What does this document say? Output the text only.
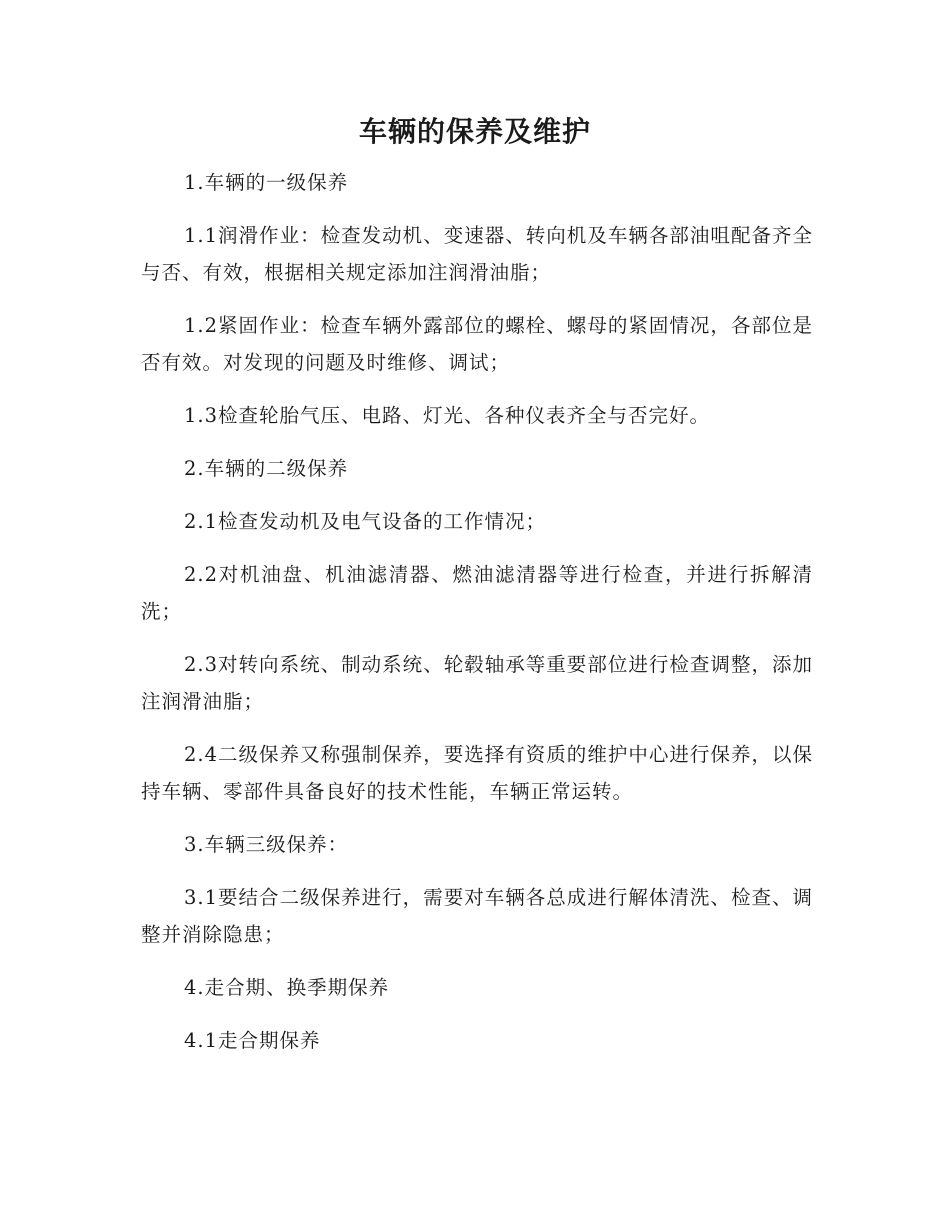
车辆的保养及维护

1.车辆的一级保养

1.1润滑作业：检查发动机、变速器、转向机及车辆各部油咀配备齐全与否、有效，根据相关规定添加注润滑油脂；

1.2紧固作业：检查车辆外露部位的螺栓、螺母的紧固情况，各部位是否有效。对发现的问题及时维修、调试；

1.3检查轮胎气压、电路、灯光、各种仪表齐全与否完好。

2.车辆的二级保养

2.1检查发动机及电气设备的工作情况；

2.2对机油盘、机油滤清器、燃油滤清器等进行检查，并进行拆解清洗；

2.3对转向系统、制动系统、轮毂轴承等重要部位进行检查调整，添加注润滑油脂；

2.4二级保养又称强制保养，要选择有资质的维护中心进行保养，以保持车辆、零部件具备良好的技术性能，车辆正常运转。

3.车辆三级保养：

3.1要结合二级保养进行，需要对车辆各总成进行解体清洗、检查、调整并消除隐患；

4.走合期、换季期保养

4.1走合期保养
